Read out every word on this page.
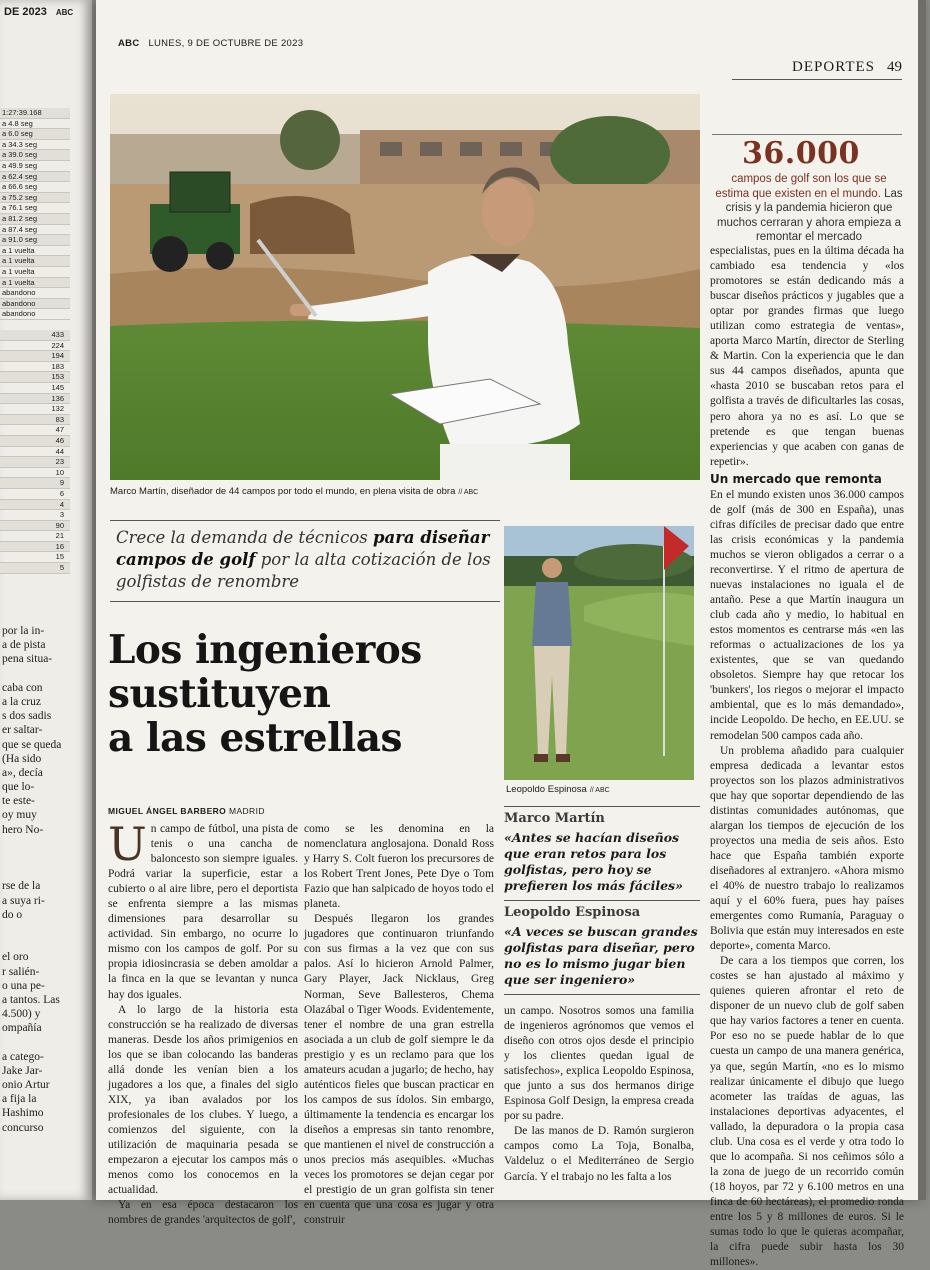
DE 2023 ABC
1:27:39.168
a 4.8 seg
a 6.0 seg
a 34.3 seg
a 39.0 seg
a 49.9 seg
a 62.4 seg
a 66.6 seg
a 75.2 seg
a 76.1 seg
a 81.2 seg
a 87.4 seg
a 91.0 seg
a 1 vuelta
a 1 vuelta
a 1 vuelta
a 1 vuelta
abandono
abandono
abandono
433
224
194
183
153
145
136
132
83
47
46
44
23
10
9
6
4
3
90
21
16
15
5
por la in-
a de pista
pena situa-
caba con
a la cruz
s dos sadis
er saltar-
que se queda
(Ha sido
a», decía
que lo-
te este-
oy muy
hero No-
rse de la
a suya ri-
do o
el oro
r salién-
o una pe-
a tantos. Las
4.500) y
ompañía
a catego-
Jake Jar-
onio Artur
a fija la
Hashimo
concurso
ABC LUNES, 9 DE OCTUBRE DE 2023
DEPORTES 49
Marco Martín, diseñador de 44 campos por todo el mundo, en plena visita de obra // ABC
Crece la demanda de técnicos para diseñar campos de golf por la alta cotización de los golfistas de renombre
Los ingenieros
sustituyen
a las estrellas
Leopoldo Espinosa // ABC
Marco Martín
«Antes se hacían diseños que eran retos para los golfistas, pero hoy se prefieren los más fáciles»
Leopoldo Espinosa
«A veces se buscan grandes golfistas para diseñar, pero no es lo mismo jugar bien que ser ingeniero»
MIGUEL ÁNGEL BARBERO MADRID

Un campo de fútbol, una pista de tenis o una cancha de baloncesto son siempre iguales. Podrá variar la superficie, estar a cubierto o al aire libre, pero el deportista se enfrenta siempre a las mismas dimensiones para desarrollar su actividad. Sin embargo, no ocurre lo mismo con los campos de golf. Por su propia idiosincrasia se deben amoldar a la finca en la que se levantan y nunca hay dos iguales.

A lo largo de la historia esta construcción se ha realizado de diversas maneras. Desde los años primigenios en los que se iban colocando las banderas allá donde les venían bien a los jugadores a los que, a finales del siglo XIX, ya iban avalados por los profesionales de los clubes. Y luego, a comienzos del siguiente, con la utilización de maquinaria pesada se empezaron a ejecutar los campos más o menos como los conocemos en la actualidad.

Ya en esa época destacaron los nombres de grandes 'arquitectos de golf',

como se les denomina en la nomenclatura anglosajona. Donald Ross y Harry S. Colt fueron los precursores de los Robert Trent Jones, Pete Dye o Tom Fazio que han salpicado de hoyos todo el planeta.

Después llegaron los grandes jugadores que continuaron triunfando con sus firmas a la vez que con sus palos. Así lo hicieron Arnold Palmer, Gary Player, Jack Nicklaus, Greg Norman, Seve Ballesteros, Chema Olazábal o Tiger Woods. Evidentemente, tener el nombre de una gran estrella asociada a un club de golf siempre le da prestigio y es un reclamo para que los amateurs acudan a jugarlo; de hecho, hay auténticos fieles que buscan practicar en los campos de sus ídolos. Sin embargo, últimamente la tendencia es encargar los diseños a empresas sin tanto renombre, que mantienen el nivel de construcción a unos precios más asequibles. «Muchas veces los promotores se dejan cegar por el prestigio de un gran golfista sin tener en cuenta que una cosa es jugar y otra construir

un campo. Nosotros somos una familia de ingenieros agrónomos que vemos el diseño con otros ojos desde el principio y los clientes quedan igual de satisfechos», explica Leopoldo Espinosa, que junto a sus dos hermanos dirige Espinosa Golf Design, la empresa creada por su padre.

De las manos de D. Ramón surgieron campos como La Toja, Bonalba, Valdeluz o el Mediterráneo de Sergio García. Y el trabajo no les falta a los

36.000
campos de golf son los que se estima que existen en el mundo. Las crisis y la pandemia hicieron que muchos cerraran y ahora empieza a remontar el mercado

especialistas, pues en la última década ha cambiado esa tendencia y «los promotores se están dedicando más a buscar diseños prácticos y jugables que a optar por grandes firmas que luego utilizan como estrategia de ventas», aporta Marco Martín, director de Sterling & Martin. Con la experiencia que le dan sus 44 campos diseñados, apunta que «hasta 2010 se buscaban retos para el golfista a través de dificultarles las cosas, pero ahora ya no es así. Lo que se pretende es que tengan buenas experiencias y que acaben con ganas de repetir».

Un mercado que remonta

En el mundo existen unos 36.000 campos de golf (más de 300 en España), unas cifras difíciles de precisar dado que entre las crisis económicas y la pandemia muchos se vieron obligados a cerrar o a reconvertirse. Y el ritmo de apertura de nuevas instalaciones no iguala el de antaño. Pese a que Martín inaugura un club cada año y medio, lo habitual en estos momentos es centrarse más «en las reformas o actualizaciones de los ya existentes, que se van quedando obsoletos. Siempre hay que retocar los 'bunkers', los riegos o mejorar el impacto ambiental, que es lo más demandado», incide Leopoldo. De hecho, en EE.UU. se remodelan 500 campos cada año.

Un problema añadido para cualquier empresa dedicada a levantar estos proyectos son los plazos administrativos que hay que soportar dependiendo de las distintas comunidades autónomas, que alargan los tiempos de ejecución de los proyectos una media de seis años. Esto hace que España también exporte diseñadores al extranjero. «Ahora mismo el 40% de nuestro trabajo lo realizamos aquí y el 60% fuera, pues hay países emergentes como Rumanía, Paraguay o Bolivia que están muy interesados en este deporte», comenta Marco.

De cara a los tiempos que corren, los costes se han ajustado al máximo y quienes quieren afrontar el reto de disponer de un nuevo club de golf saben que hay varios factores a tener en cuenta. Por eso no se puede hablar de lo que cuesta un campo de una manera genérica, ya que, según Martín, «no es lo mismo realizar únicamente el dibujo que luego acometer las traídas de aguas, las instalaciones deportivas adyacentes, el vallado, la depuradora o la propia casa club. Una cosa es el verde y otra todo lo que lo acompaña. Si nos ceñimos sólo a la zona de juego de un recorrido común (18 hoyos, par 72 y 6.100 metros en una finca de 60 hectáreas), el promedio ronda entre los 5 y 8 millones de euros. Si le sumas todo lo que le quieras acompañar, la cifra puede subir hasta los 30 millones».
